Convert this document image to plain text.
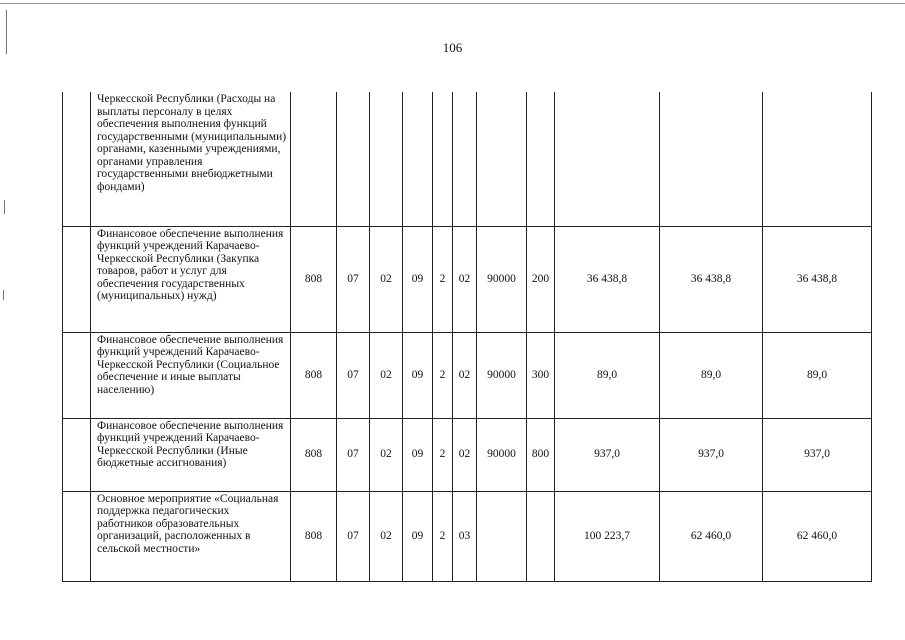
106
	Черкесской Республики (Расходы на выплаты персоналу в целях обеспечения выполнения функций государственными (муниципальными) органами, казенными учреждениями, органами управления государственными внебюджетными фондами)											
	Финансовое обеспечение выполнения функций учреждений Карачаево-Черкесской Республики (Закупка товаров, работ и услуг для обеспечения государственных (муниципальных) нужд)	808	07	02	09	2	02	90000	200	36 438,8	36 438,8	36 438,8
	Финансовое обеспечение выполнения функций учреждений Карачаево-Черкесской Республики (Социальное обеспечение и иные выплаты населению)	808	07	02	09	2	02	90000	300	89,0	89,0	89,0
	Финансовое обеспечение выполнения функций учреждений Карачаево-Черкесской Республики (Иные бюджетные ассигнования)	808	07	02	09	2	02	90000	800	937,0	937,0	937,0
	Основное мероприятие «Социальная поддержка педагогических работников образовательных организаций, расположенных в сельской местности»	808	07	02	09	2	03			100 223,7	62 460,0	62 460,0
